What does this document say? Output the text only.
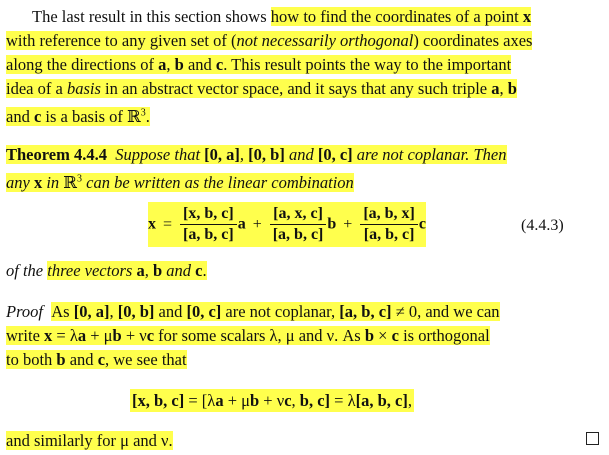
The last result in this section shows how to find the coordinates of a point x
with reference to any given set of (not necessarily orthogonal) coordinates axes
along the directions of a, b and c. This result points the way to the important
idea of a basis in an abstract vector space, and it says that any such triple a, b
and c is a basis of ℝ$^3$.
Theorem 4.4.4 Suppose that [0, a], [0, b] and [0, c] are not coplanar. Then
any x in ℝ$^3$ can be written as the linear combination
$x = \frac{[x, b, c]}{[a, b, c]}$ $a + \frac{[a, x, c]}{[a, b, c]}$ $b + \frac{[a, b, x]}{[a, b, c]}$ c	(4.4.3)
of the three vectors a, b and c.
Proof As [0, a], [0, b] and [0, c] are not coplanar, [a, b, c] ≠ 0, and we can
write x = λa + μb + νc for some scalars λ, μ and ν. As b × c is orthogonal
to both b and c, we see that
[x, b, c] = [λa + μb + νc, b, c] = λ[a, b, c],
and similarly for μ and ν.
